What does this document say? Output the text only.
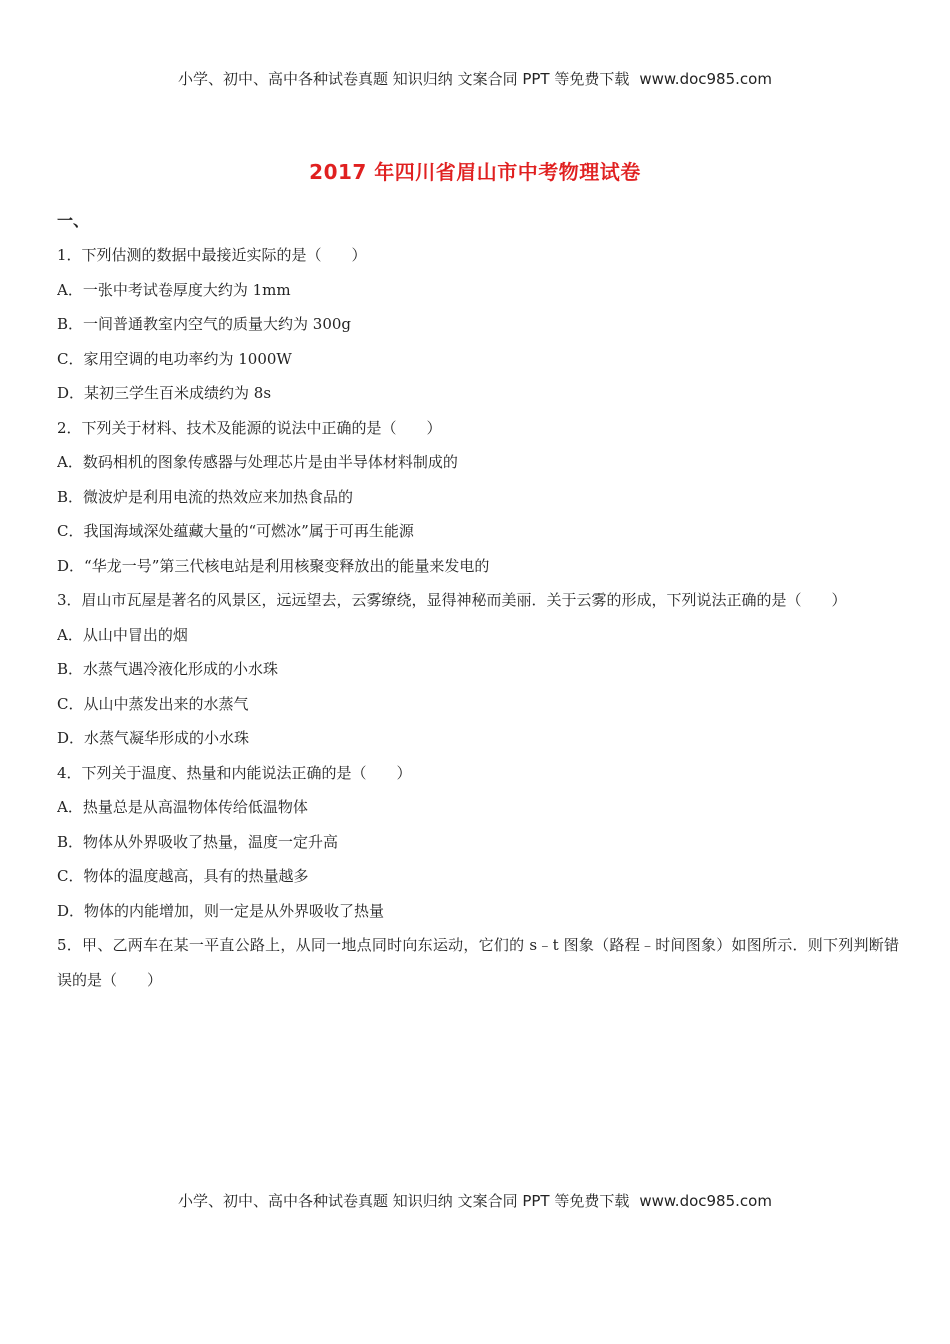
小学、初中、高中各种试卷真题 知识归纳 文案合同 PPT 等免费下载 www.doc985.com
2017 年四川省眉山市中考物理试卷
一、
1．下列估测的数据中最接近实际的是（　　）
A．一张中考试卷厚度大约为 1mm
B．一间普通教室内空气的质量大约为 300g
C．家用空调的电功率约为 1000W
D．某初三学生百米成绩约为 8s
2．下列关于材料、技术及能源的说法中正确的是（　　）
A．数码相机的图象传感器与处理芯片是由半导体材料制成的
B．微波炉是利用电流的热效应来加热食品的
C．我国海域深处蕴藏大量的“可燃冰”属于可再生能源
D．“华龙一号”第三代核电站是利用核聚变释放出的能量来发电的
3．眉山市瓦屋是著名的风景区，远远望去，云雾缭绕，显得神秘而美丽．关于云雾的形成，下列说法正确的是（　　）
A．从山中冒出的烟
B．水蒸气遇冷液化形成的小水珠
C．从山中蒸发出来的水蒸气
D．水蒸气凝华形成的小水珠
4．下列关于温度、热量和内能说法正确的是（　　）
A．热量总是从高温物体传给低温物体
B．物体从外界吸收了热量，温度一定升高
C．物体的温度越高，具有的热量越多
D．物体的内能增加，则一定是从外界吸收了热量
5．甲、乙两车在某一平直公路上，从同一地点同时向东运动，它们的 s﹣t 图象（路程﹣时间图象）如图所示．则下列判断错误的是（　　）
小学、初中、高中各种试卷真题 知识归纳 文案合同 PPT 等免费下载 www.doc985.com
